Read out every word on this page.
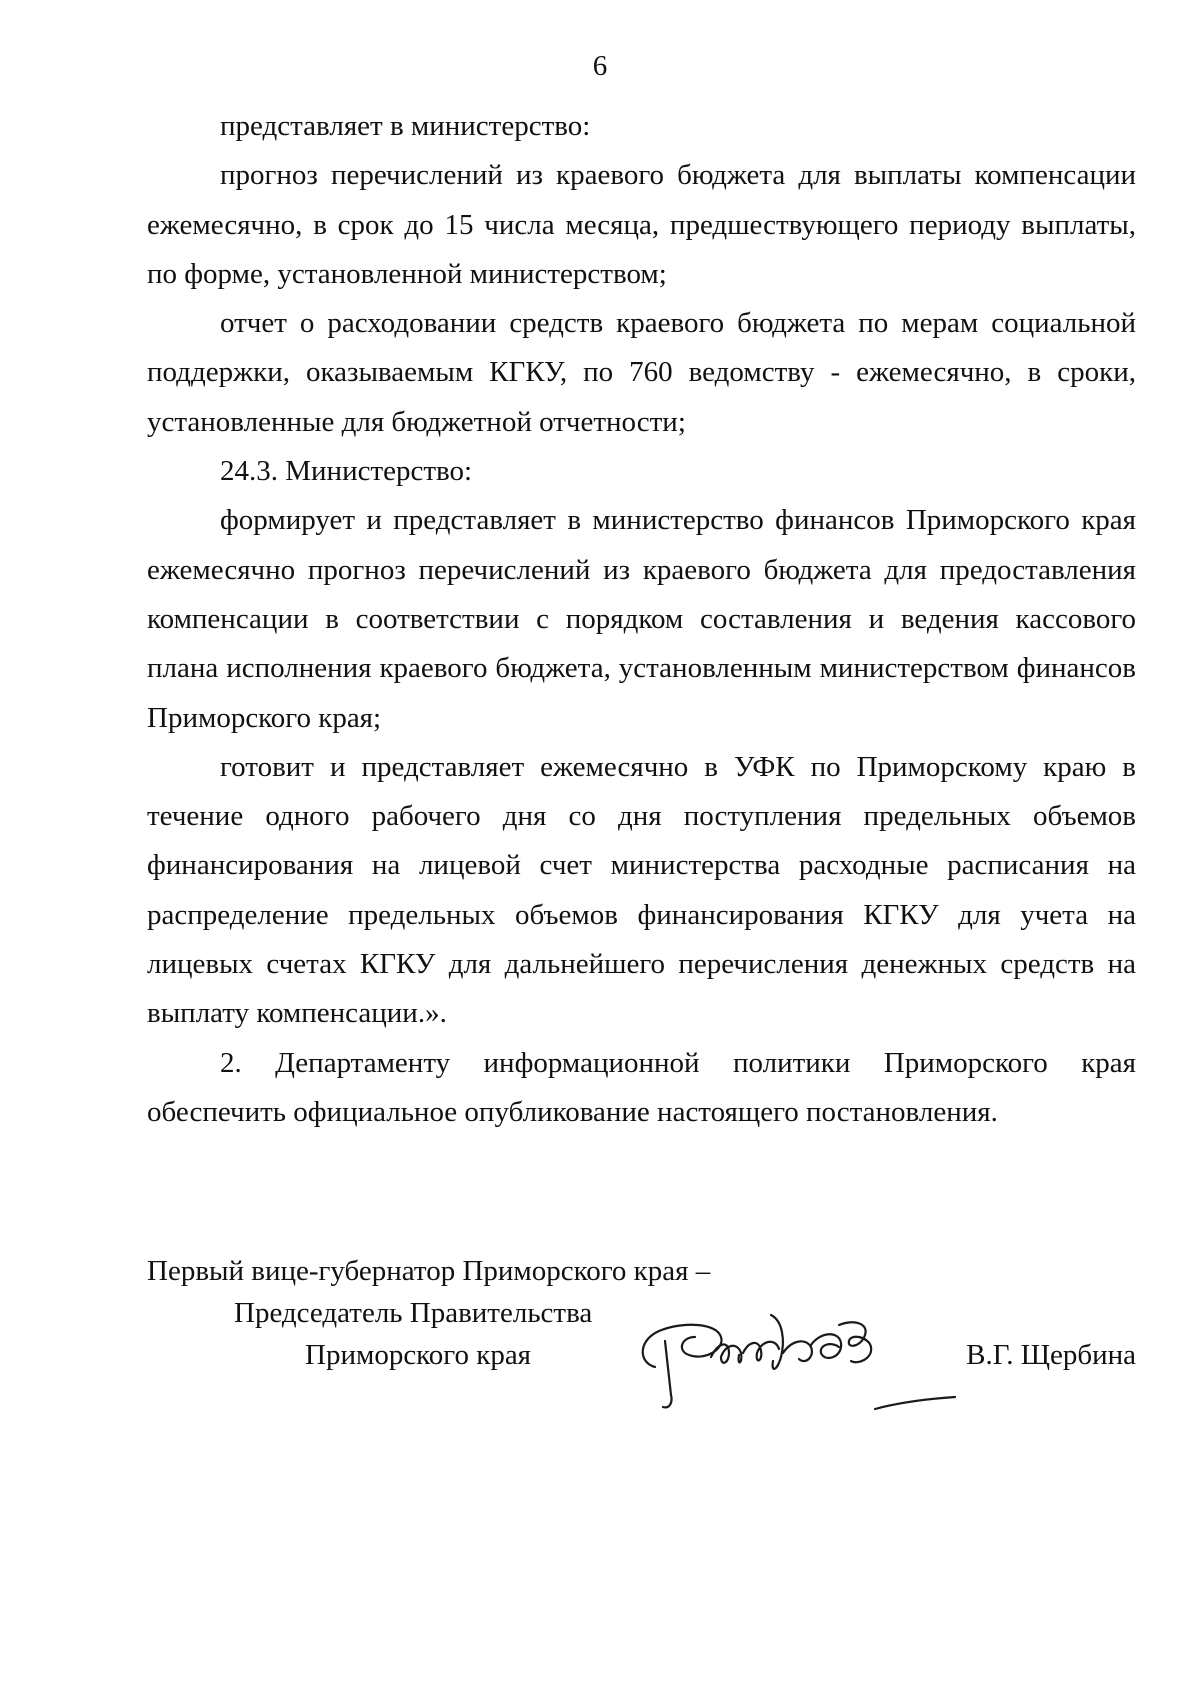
6

представляет в министерство:

прогноз перечислений из краевого бюджета для выплаты компенсации ежемесячно, в срок до 15 числа месяца, предшествующего периоду выплаты, по форме, установленной министерством;

отчет о расходовании средств краевого бюджета по мерам социальной поддержки, оказываемым КГКУ, по 760 ведомству - ежемесячно, в сроки, установленные для бюджетной отчетности;

24.3. Министерство:

формирует и представляет в министерство финансов Приморского края ежемесячно прогноз перечислений из краевого бюджета для предоставления компенсации в соответствии с порядком составления и ведения кассового плана исполнения краевого бюджета, установленным министерством финансов Приморского края;

готовит и представляет ежемесячно в УФК по Приморскому краю в течение одного рабочего дня со дня поступления предельных объемов финансирования на лицевой счет министерства расходные расписания на распределение предельных объемов финансирования КГКУ для учета на лицевых счетах КГКУ для дальнейшего перечисления денежных средств на выплату компенсации.».

2. Департаменту информационной политики Приморского края обеспечить официальное опубликование настоящего постановления.

Первый вице-губернатор Приморского края –
Председатель Правительства
Приморского края	В.Г. Щербина
